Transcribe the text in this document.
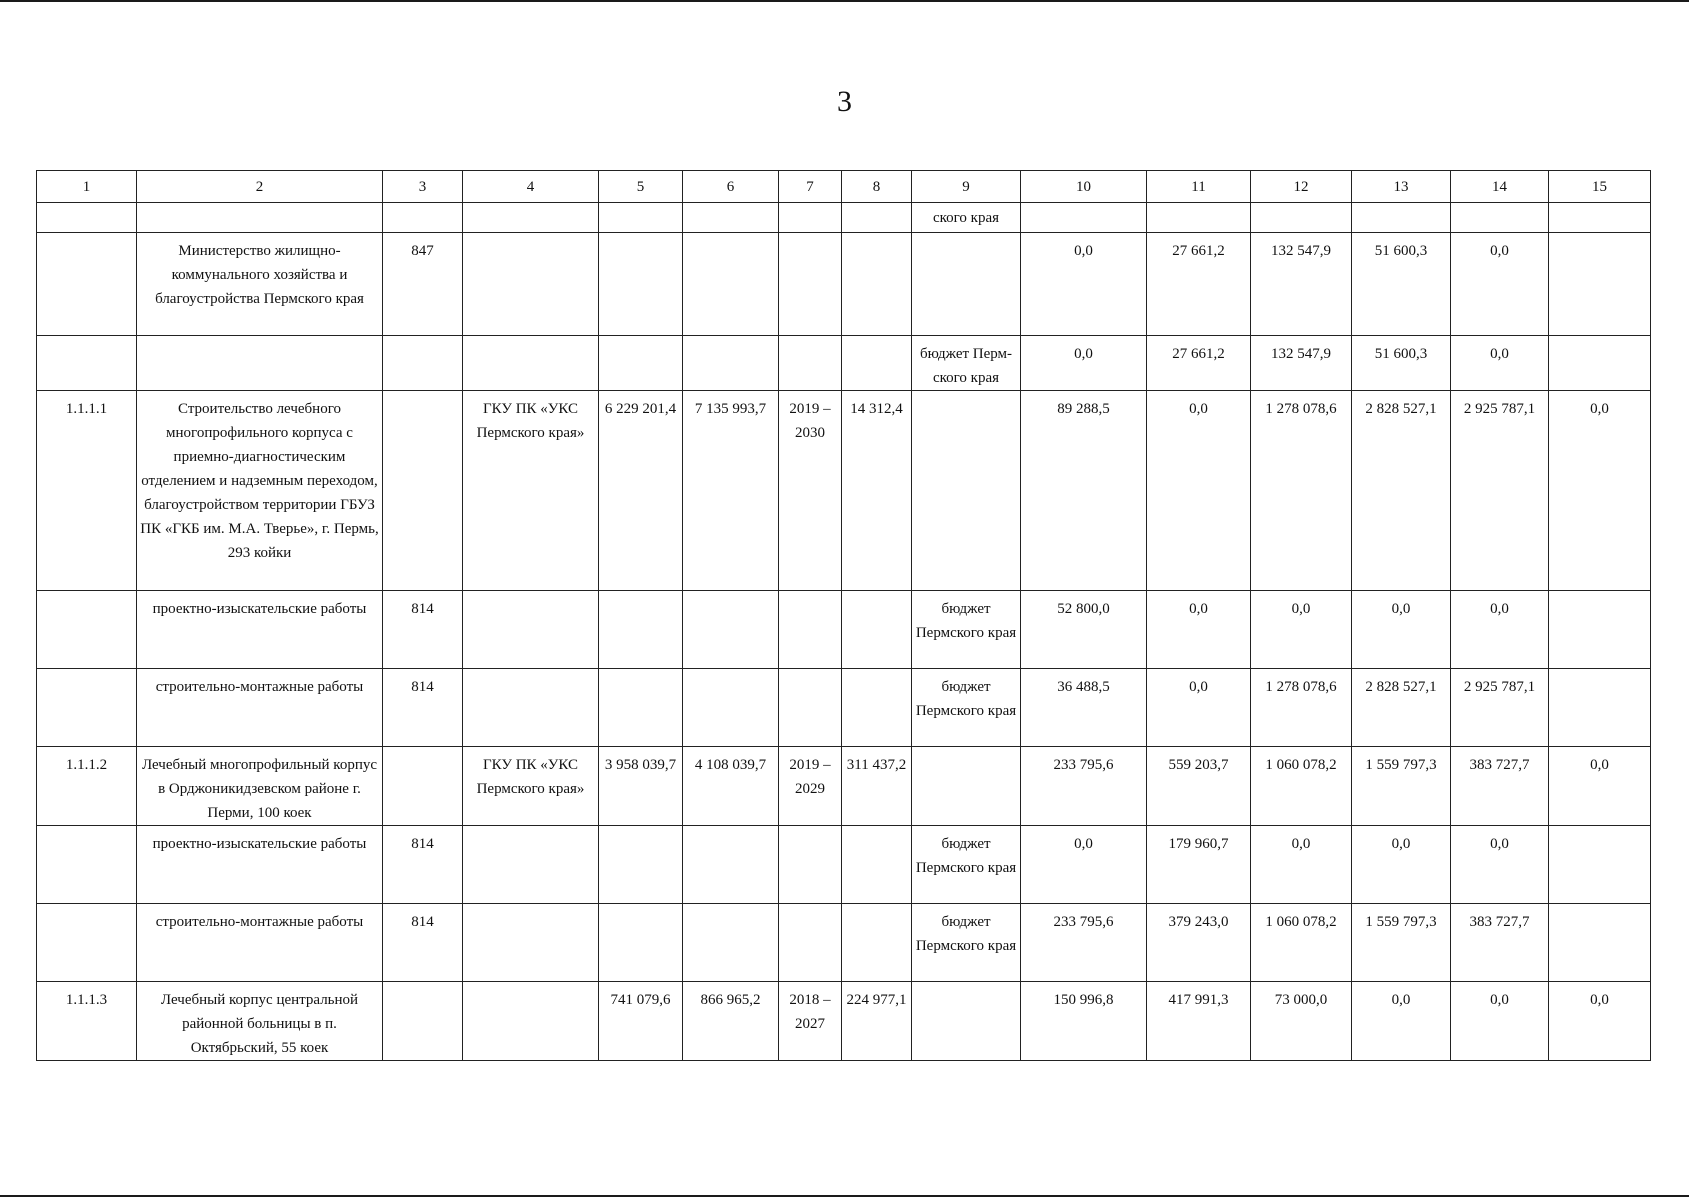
3
1	2	3	4	5	6	7	8	9	10	11	12	13	14	15
								ского края						
	Министерство жилищно-коммунального хозяйства и благоустройства Пермского края	847							0,0	27 661,2	132 547,9	51 600,3	0,0	
								бюджет Перм-ского края	0,0	27 661,2	132 547,9	51 600,3	0,0	
1.1.1.1	Строительство лечебного многопрофильного корпуса с приемно-диагностическим отделением и надземным переходом, благоустройством территории ГБУЗ ПК «ГКБ им. М.А. Тверье», г. Пермь, 293 койки		ГКУ ПК «УКС Пермского края»	6 229 201,4	7 135 993,7	2019 – 2030	14 312,4		89 288,5	0,0	1 278 078,6	2 828 527,1	2 925 787,1	0,0
	проектно-изыскательские работы	814						бюджет Пермского края	52 800,0	0,0	0,0	0,0	0,0	
	строительно-монтажные работы	814						бюджет Пермского края	36 488,5	0,0	1 278 078,6	2 828 527,1	2 925 787,1	
1.1.1.2	Лечебный многопрофильный корпус в Орджоникидзевском районе г. Перми, 100 коек		ГКУ ПК «УКС Пермского края»	3 958 039,7	4 108 039,7	2019 – 2029	311 437,2		233 795,6	559 203,7	1 060 078,2	1 559 797,3	383 727,7	0,0
	проектно-изыскательские работы	814						бюджет Пермского края	0,0	179 960,7	0,0	0,0	0,0	
	строительно-монтажные работы	814						бюджет Пермского края	233 795,6	379 243,0	1 060 078,2	1 559 797,3	383 727,7	
1.1.1.3	Лечебный корпус центральной районной больницы в п. Октябрьский, 55 коек			741 079,6	866 965,2	2018 – 2027	224 977,1		150 996,8	417 991,3	73 000,0	0,0	0,0	0,0
